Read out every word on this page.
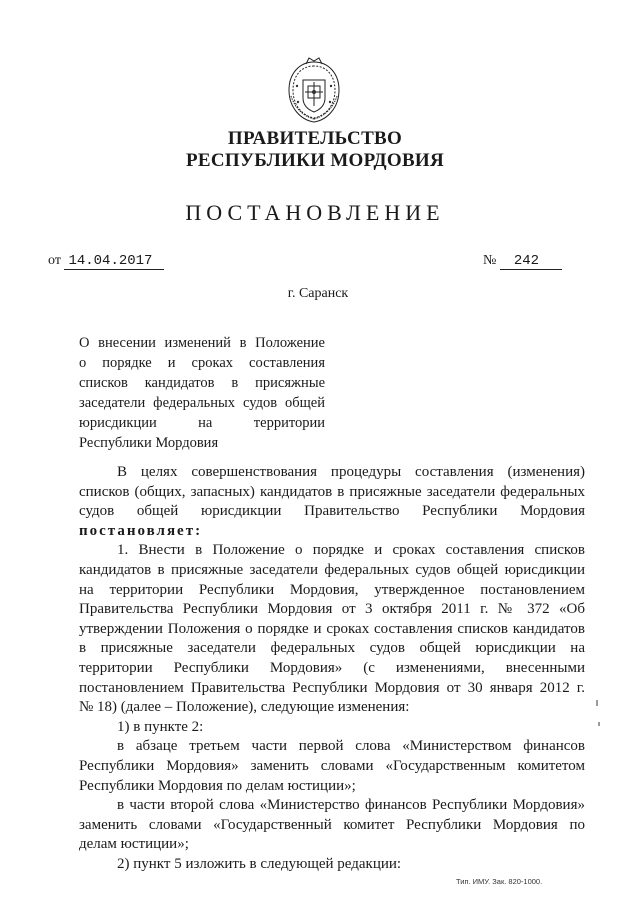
ПРАВИТЕЛЬСТВО
РЕСПУБЛИКИ МОРДОВИЯ
ПОСТАНОВЛЕНИЕ
от 14.04.2017	№ 242
г. Саранск
О внесении изменений в Положение
о порядке и сроках составления
списков кандидатов в присяжные
заседатели федеральных судов общей
юрисдикции на территории
Республики Мордовия
В целях совершенствования процедуры составления (изменения)
списков (общих, запасных) кандидатов в присяжные заседатели федеральных
судов общей юрисдикции Правительство Республики Мордовия
постановляет:
1. Внести в Положение о порядке и сроках составления списков
кандидатов в присяжные заседатели федеральных судов общей юрисдикции
на территории Республики Мордовия, утвержденное постановлением
Правительства Республики Мордовия от 3 октября 2011 г. № 372 «Об
утверждении Положения о порядке и сроках составления списков кандидатов
в присяжные заседатели федеральных судов общей юрисдикции на
территории Республики Мордовия» (с изменениями, внесенными
постановлением Правительства Республики Мордовия от 30 января 2012 г.
№ 18) (далее – Положение), следующие изменения:
1) в пункте 2:
в абзаце третьем части первой слова «Министерством финансов
Республики Мордовия» заменить словами «Государственным комитетом
Республики Мордовия по делам юстиции»;
в части второй слова «Министерство финансов Республики Мордовия»
заменить словами «Государственный комитет Республики Мордовия по
делам юстиции»;
2) пункт 5 изложить в следующей редакции:
Тип. ИМУ. Зак. 820-1000.
